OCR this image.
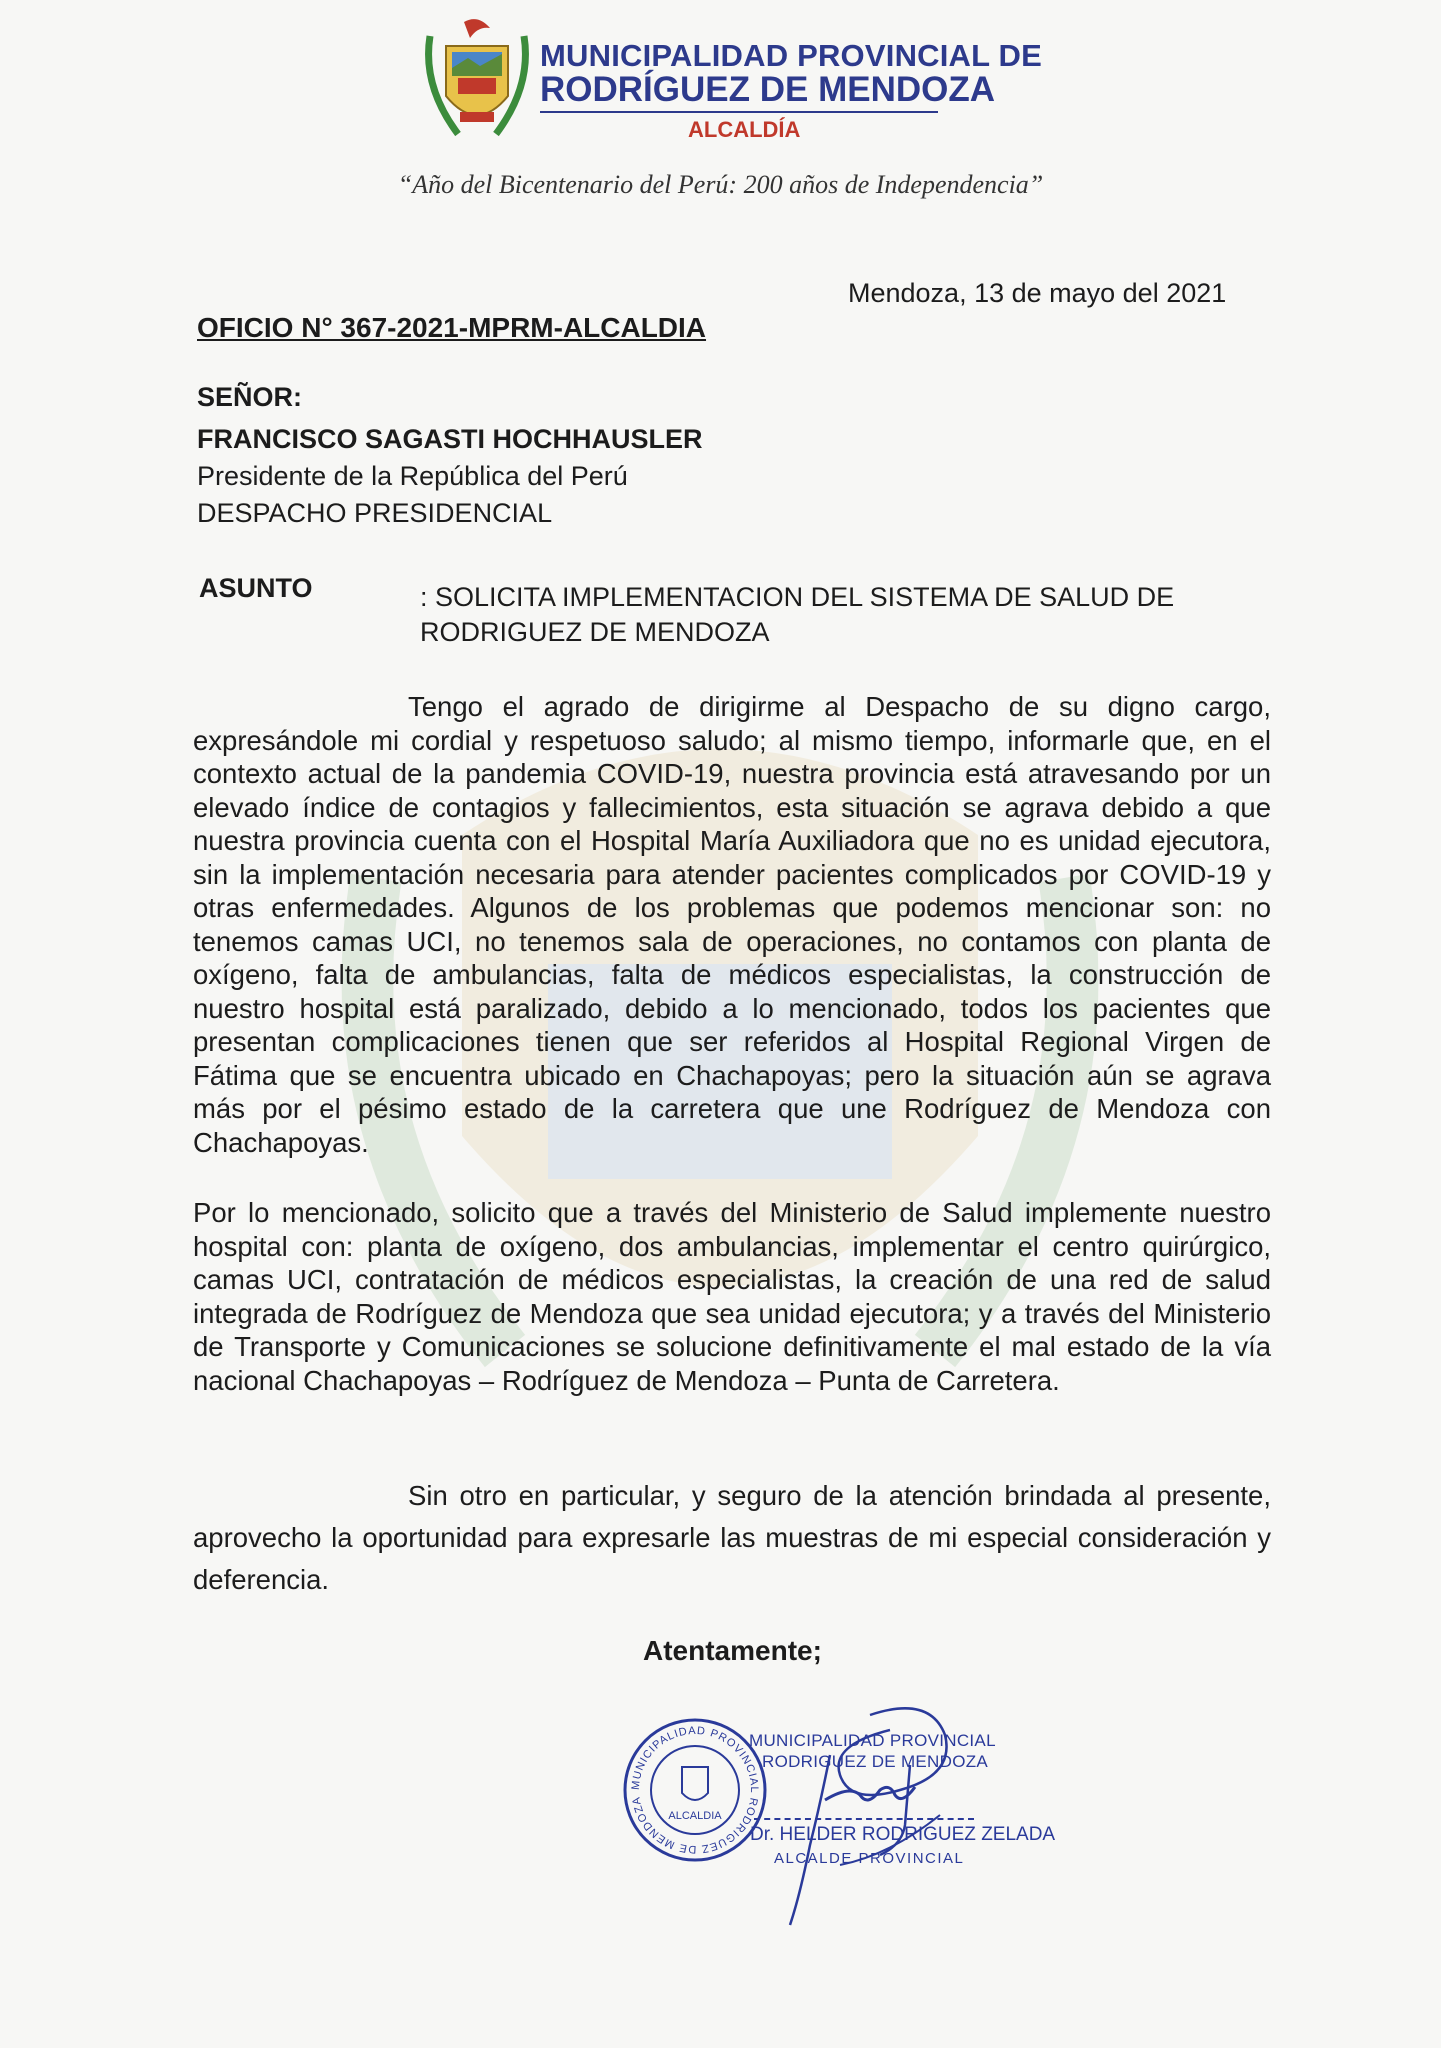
MUNICIPALIDAD PROVINCIAL DE
RODRÍGUEZ DE MENDOZA
ALCALDÍA
“Año del Bicentenario del Perú: 200 años de Independencia”
Mendoza, 13 de mayo del 2021
OFICIO N° 367-2021-MPRM-ALCALDIA
SEÑOR:
FRANCISCO SAGASTI HOCHHAUSLER
Presidente de la República del Perú
DESPACHO PRESIDENCIAL
ASUNTO	: SOLICITA IMPLEMENTACION DEL SISTEMA DE SALUD DE RODRIGUEZ DE MENDOZA
Tengo el agrado de dirigirme al Despacho de su digno cargo, expresándole mi cordial y respetuoso saludo; al mismo tiempo, informarle que, en el contexto actual de la pandemia COVID-19, nuestra provincia está atravesando por un elevado índice de contagios y fallecimientos, esta situación se agrava debido a que nuestra provincia cuenta con el Hospital María Auxiliadora que no es unidad ejecutora, sin la implementación necesaria para atender pacientes complicados por COVID-19 y otras enfermedades. Algunos de los problemas que podemos mencionar son: no tenemos camas UCI, no tenemos sala de operaciones, no contamos con planta de oxígeno, falta de ambulancias, falta de médicos especialistas, la construcción de nuestro hospital está paralizado, debido a lo mencionado, todos los pacientes que presentan complicaciones tienen que ser referidos al Hospital Regional Virgen de Fátima que se encuentra ubicado en Chachapoyas; pero la situación aún se agrava más por el pésimo estado de la carretera que une Rodríguez de Mendoza con Chachapoyas.
Por lo mencionado, solicito que a través del Ministerio de Salud implemente nuestro hospital con: planta de oxígeno, dos ambulancias, implementar el centro quirúrgico, camas UCI, contratación de médicos especialistas, la creación de una red de salud integrada de Rodríguez de Mendoza que sea unidad ejecutora; y a través del Ministerio de Transporte y Comunicaciones se solucione definitivamente el mal estado de la vía nacional Chachapoyas – Rodríguez de Mendoza – Punta de Carretera.
Sin otro en particular, y seguro de la atención brindada al presente, aprovecho la oportunidad para expresarle las muestras de mi especial consideración y deferencia.
Atentamente;
MUNICIPALIDAD PROVINCIAL RODRIGUEZ DE MENDOZA
ALCALDIA
MUNICIPALIDAD PROVINCIAL
RODRIGUEZ DE MENDOZA
Dr. HELDER RODRIGUEZ ZELADA
ALCALDE PROVINCIAL
